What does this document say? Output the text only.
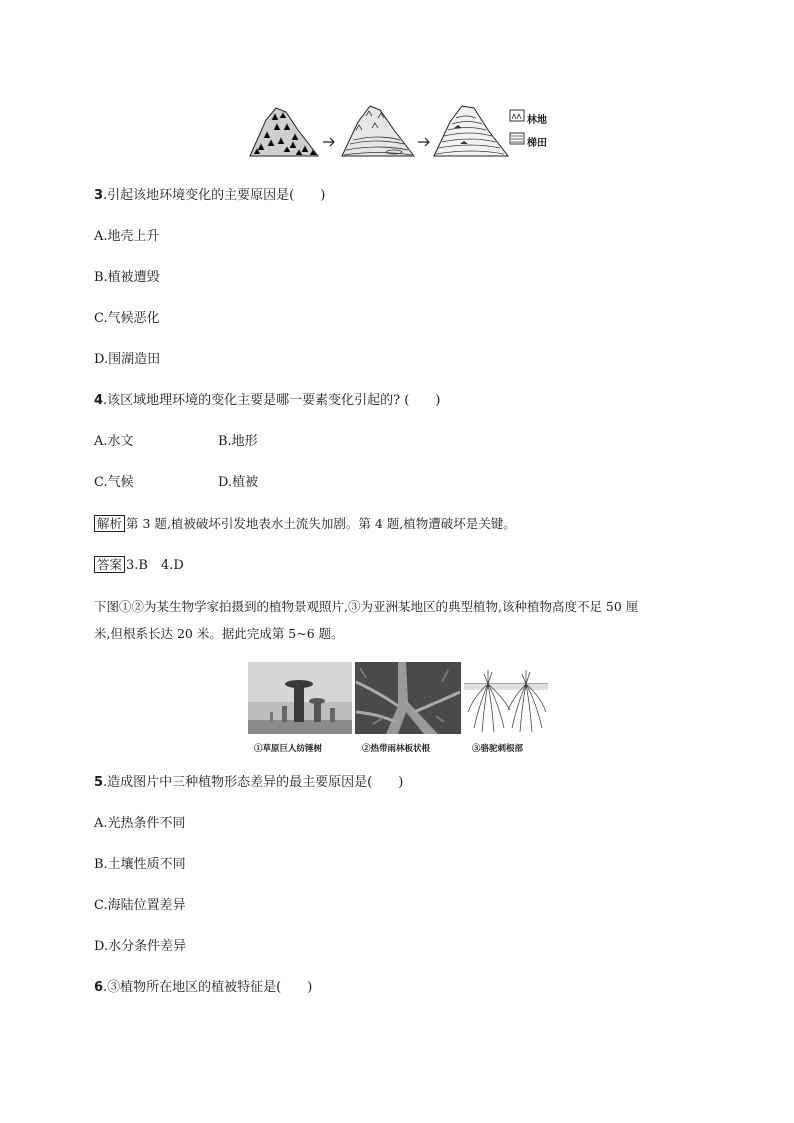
林地
梯田
3.引起该地环境变化的主要原因是(　　)
A.地壳上升
B.植被遭毁
C.气候恶化
D.围湖造田
4.该区域地理环境的变化主要是哪一要素变化引起的? (　　)
A.水文	B.地形
C.气候	D.植被
解析 第 3 题,植被破坏引发地表水土流失加剧。第 4 题,植物遭破坏是关键。
答案 3.B　4.D
下图①②为某生物学家拍摄到的植物景观照片,③为亚洲某地区的典型植物,该种植物高度不足 50 厘
米,但根系长达 20 米。据此完成第 5~6 题。
①草原巨人纺锤树	②热带雨林板状根	③骆驼刺根部
5.造成图片中三种植物形态差异的最主要原因是(　　)
A.光热条件不同
B.土壤性质不同
C.海陆位置差异
D.水分条件差异
6.③植物所在地区的植被特征是(　　)
